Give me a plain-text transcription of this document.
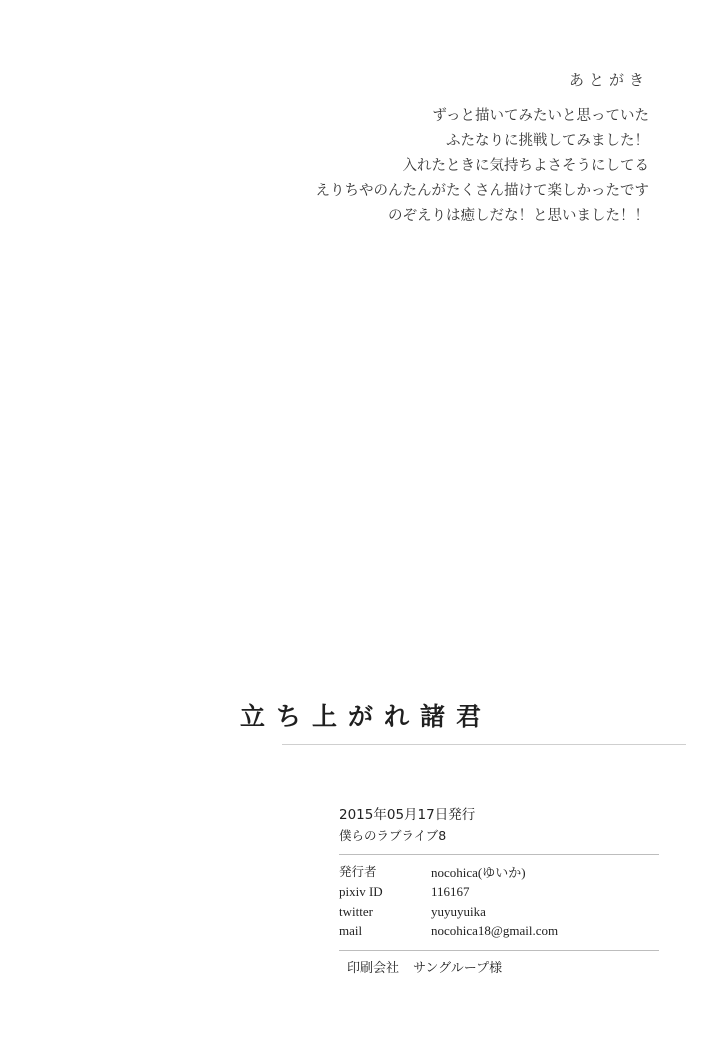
あとがき
ずっと描いてみたいと思っていた
ふたなりに挑戦してみました！
入れたときに気持ちよさそうにしてる
えりちやのんたんがたくさん描けて楽しかったです
のぞえりは癒しだな！と思いました！！
立ち上がれ諸君
2015年05月17日発行
僕らのラブライブ8
発行者	nocohica(ゆいか)
pixiv ID	116167
twitter	yuyuyuika
mail	nocohica18@gmail.com
印刷会社 サングループ様
